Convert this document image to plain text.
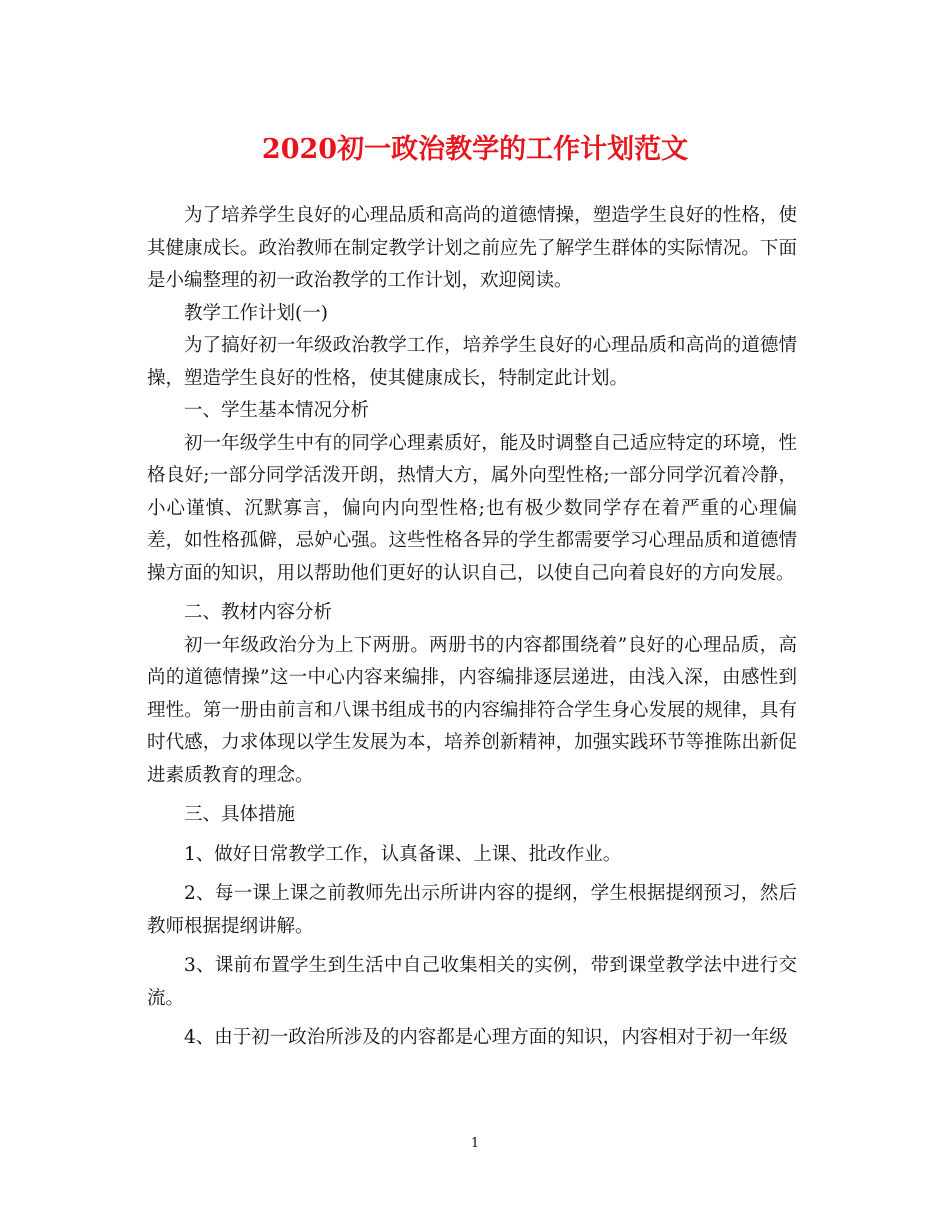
2020初一政治教学的工作计划范文

为了培养学生良好的心理品质和高尚的道德情操，塑造学生良好的性格，使其健康成长。政治教师在制定教学计划之前应先了解学生群体的实际情况。下面是小编整理的初一政治教学的工作计划，欢迎阅读。

教学工作计划(一)

为了搞好初一年级政治教学工作，培养学生良好的心理品质和高尚的道德情操，塑造学生良好的性格，使其健康成长，特制定此计划。

一、学生基本情况分析

初一年级学生中有的同学心理素质好，能及时调整自己适应特定的环境，性格良好;一部分同学活泼开朗，热情大方，属外向型性格;一部分同学沉着冷静，小心谨慎、沉默寡言，偏向内向型性格;也有极少数同学存在着严重的心理偏差，如性格孤僻，忌妒心强。这些性格各异的学生都需要学习心理品质和道德情操方面的知识，用以帮助他们更好的认识自己，以使自己向着良好的方向发展。

二、教材内容分析

初一年级政治分为上下两册。两册书的内容都围绕着”良好的心理品质，高尚的道德情操”这一中心内容来编排，内容编排逐层递进，由浅入深，由感性到理性。第一册由前言和八课书组成书的内容编排符合学生身心发展的规律，具有时代感，力求体现以学生发展为本，培养创新精神，加强实践环节等推陈出新促进素质教育的理念。

三、具体措施

1、做好日常教学工作，认真备课、上课、批改作业。

2、每一课上课之前教师先出示所讲内容的提纲，学生根据提纲预习，然后教师根据提纲讲解。

3、课前布置学生到生活中自己收集相关的实例，带到课堂教学法中进行交流。

4、由于初一政治所涉及的内容都是心理方面的知识，内容相对于初一年级

1
